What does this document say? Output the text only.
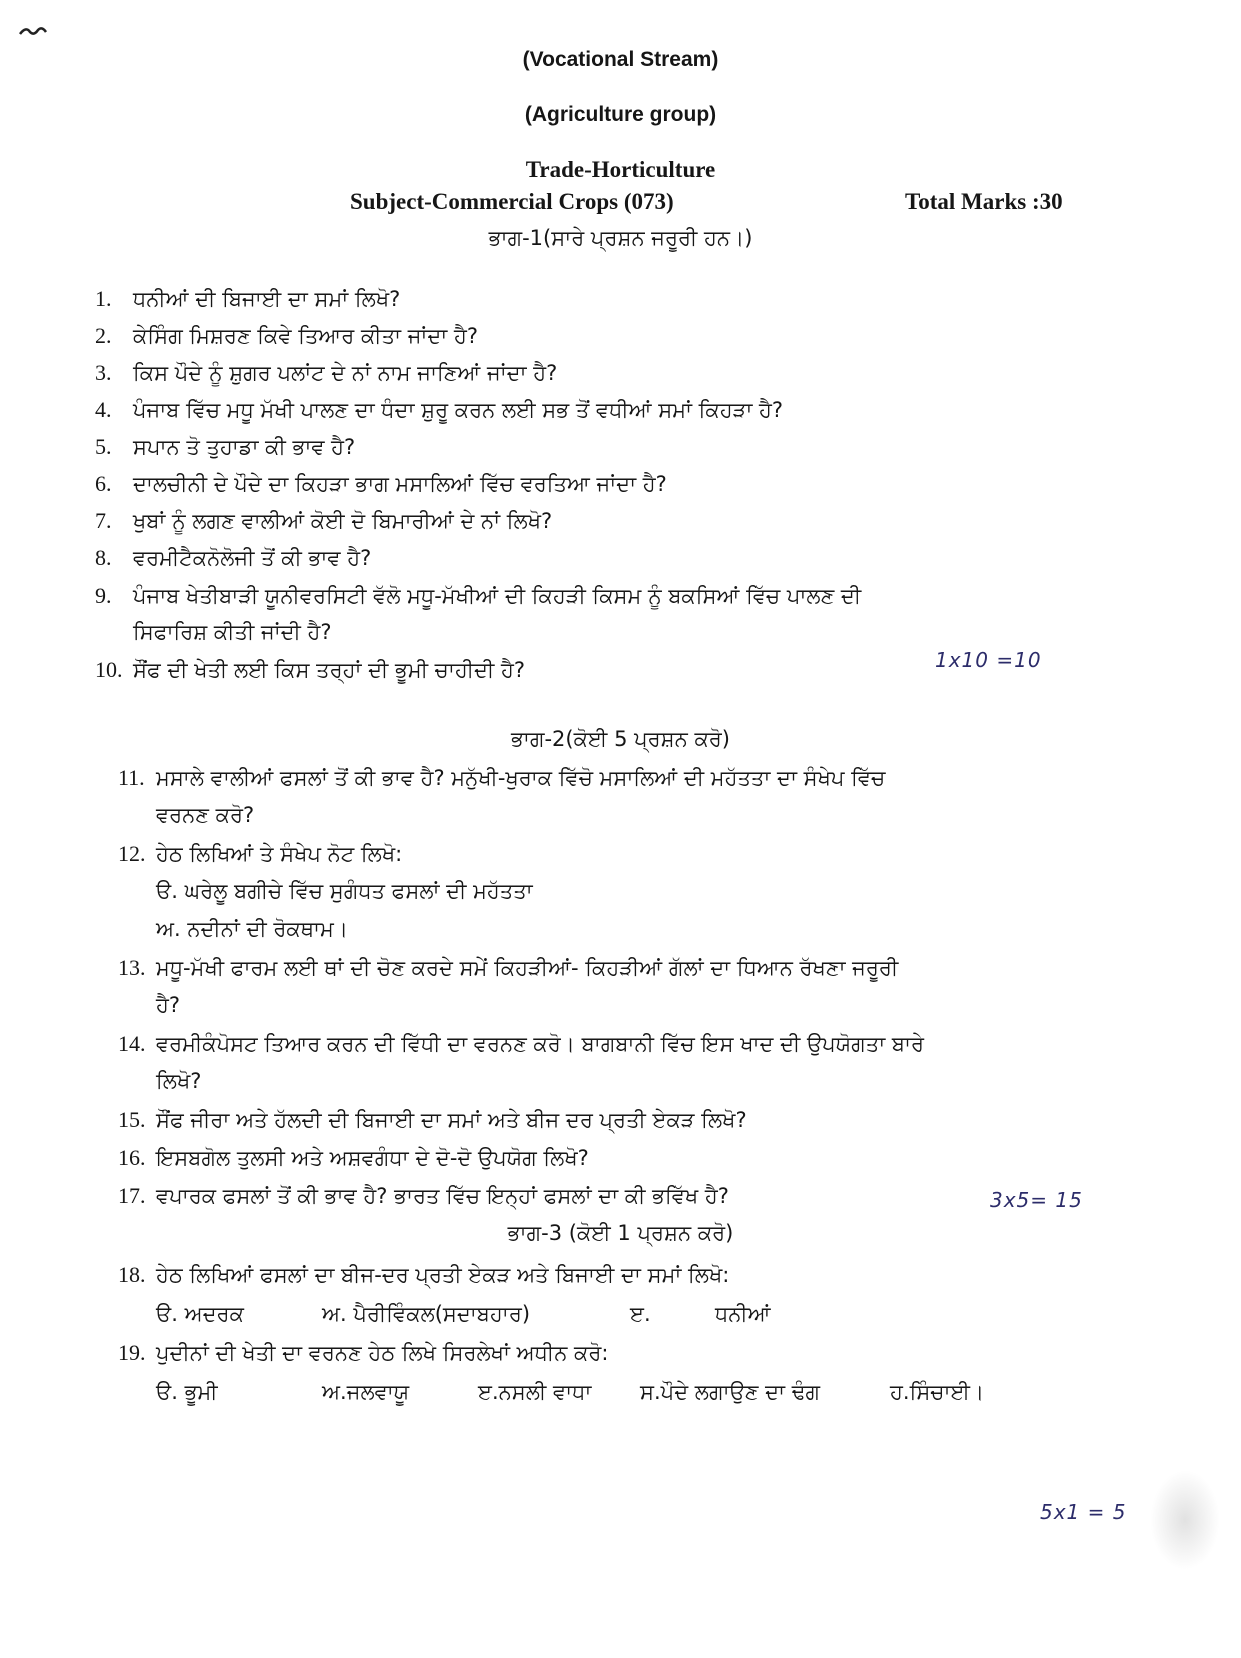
(Vocational Stream)
(Agriculture group)
Trade-Horticulture
Subject-Commercial Crops (073)	Total Marks :30
ਭਾਗ-1(ਸਾਰੇ ਪ੍ਰਸ਼ਨ ਜਰੂਰੀ ਹਨ।)
1. ਧਨੀਆਂ ਦੀ ਬਿਜਾਈ ਦਾ ਸਮਾਂ ਲਿਖੋ?
2. ਕੇਸਿੰਗ ਮਿਸ਼ਰਣ ਕਿਵੇ ਤਿਆਰ ਕੀਤਾ ਜਾਂਦਾ ਹੈ?
3. ਕਿਸ ਪੌਦੇ ਨੂੰ ਸ਼ੁਗਰ ਪਲਾਂਟ ਦੇ ਨਾਂ ਨਾਮ ਜਾਣਿਆਂ ਜਾਂਦਾ ਹੈ?
4. ਪੰਜਾਬ ਵਿੱਚ ਮਧੂ ਮੱਖੀ ਪਾਲਣ ਦਾ ਧੰਦਾ ਸ਼ੁਰੂ ਕਰਨ ਲਈ ਸਭ ਤੋਂ ਵਧੀਆਂ ਸਮਾਂ ਕਿਹੜਾ ਹੈ?
5. ਸਪਾਨ ਤੋ ਤੁਹਾਡਾ ਕੀ ਭਾਵ ਹੈ?
6. ਦਾਲਚੀਨੀ ਦੇ ਪੌਦੇ ਦਾ ਕਿਹੜਾ ਭਾਗ ਮਸਾਲਿਆਂ ਵਿੱਚ ਵਰਤਿਆ ਜਾਂਦਾ ਹੈ?
7. ਖੁਬਾਂ ਨੂੰ ਲਗਣ ਵਾਲੀਆਂ ਕੋਈ ਦੋ ਬਿਮਾਰੀਆਂ ਦੇ ਨਾਂ ਲਿਖੋ?
8. ਵਰਮੀਟੈਕਨੋਲੋਜੀ ਤੋਂ ਕੀ ਭਾਵ ਹੈ?
9. ਪੰਜਾਬ ਖੇਤੀਬਾੜੀ ਯੂਨੀਵਰਸਿਟੀ ਵੱਲੋ ਮਧੂ-ਮੱਖੀਆਂ ਦੀ ਕਿਹੜੀ ਕਿਸਮ ਨੂੰ ਬਕਸਿਆਂ ਵਿੱਚ ਪਾਲਣ ਦੀ
ਸਿਫਾਰਿਸ਼ ਕੀਤੀ ਜਾਂਦੀ ਹੈ?
10. ਸੌਂਫ ਦੀ ਖੇਤੀ ਲਈ ਕਿਸ ਤਰ੍ਹਾਂ ਦੀ ਭੂਮੀ ਚਾਹੀਦੀ ਹੈ?	1x10 =10
ਭਾਗ-2(ਕੋਈ 5 ਪ੍ਰਸ਼ਨ ਕਰੋ)
11. ਮਸਾਲੇ ਵਾਲੀਆਂ ਫਸਲਾਂ ਤੋਂ ਕੀ ਭਾਵ ਹੈ? ਮਨੁੱਖੀ-ਖੁਰਾਕ ਵਿੱਚੋ ਮਸਾਲਿਆਂ ਦੀ ਮਹੱਤਤਾ ਦਾ ਸੰਖੇਪ ਵਿੱਚ
ਵਰਨਣ ਕਰੋ?
12. ਹੇਠ ਲਿਖਿਆਂ ਤੇ ਸੰਖੇਪ ਨੋਟ ਲਿਖੋ:
ੳ. ਘਰੇਲੂ ਬਗੀਚੇ ਵਿੱਚ ਸੁਗੰਧਤ ਫਸਲਾਂ ਦੀ ਮਹੱਤਤਾ
ਅ. ਨਦੀਨਾਂ ਦੀ ਰੋਕਥਾਮ।
13. ਮਧੂ-ਮੱਖੀ ਫਾਰਮ ਲਈ ਥਾਂ ਦੀ ਚੋਣ ਕਰਦੇ ਸਮੇਂ ਕਿਹੜੀਆਂ- ਕਿਹੜੀਆਂ ਗੱਲਾਂ ਦਾ ਧਿਆਨ ਰੱਖਣਾ ਜਰੂਰੀ
ਹੈ?
14. ਵਰਮੀਕੰਪੋਸਟ ਤਿਆਰ ਕਰਨ ਦੀ ਵਿੱਧੀ ਦਾ ਵਰਨਣ ਕਰੋ। ਬਾਗਬਾਨੀ ਵਿੱਚ ਇਸ ਖਾਦ ਦੀ ਉਪਯੋਗਤਾ ਬਾਰੇ
ਲਿਖੋ?
15. ਸੌਂਫ ਜੀਰਾ ਅਤੇ ਹੱਲਦੀ ਦੀ ਬਿਜਾਈ ਦਾ ਸਮਾਂ ਅਤੇ ਬੀਜ ਦਰ ਪ੍ਰਤੀ ਏਕੜ ਲਿਖੋ?
16. ਇਸਬਗੋਲ ਤੁਲਸੀ ਅਤੇ ਅਸ਼ਵਗੰਧਾ ਦੇ ਦੋ-ਦੋ ਉਪਯੋਗ ਲਿਖੋ?
17. ਵਪਾਰਕ ਫਸਲਾਂ ਤੋਂ ਕੀ ਭਾਵ ਹੈ? ਭਾਰਤ ਵਿੱਚ ਇਨ੍ਹਾਂ ਫਸਲਾਂ ਦਾ ਕੀ ਭਵਿੱਖ ਹੈ?	3x5= 15
ਭਾਗ-3 (ਕੋਈ 1 ਪ੍ਰਸ਼ਨ ਕਰੋ)
18. ਹੇਠ ਲਿਖਿਆਂ ਫਸਲਾਂ ਦਾ ਬੀਜ-ਦਰ ਪ੍ਰਤੀ ਏਕੜ ਅਤੇ ਬਿਜਾਈ ਦਾ ਸਮਾਂ ਲਿਖੋ:
ੳ. ਅਦਰਕ	ਅ. ਪੈਰੀਵਿੰਕਲ(ਸਦਾਬਹਾਰ)	ੲ.	ਧਨੀਆਂ
19. ਪੁਦੀਨਾਂ ਦੀ ਖੇਤੀ ਦਾ ਵਰਨਣ ਹੇਠ ਲਿਖੇ ਸਿਰਲੇਖਾਂ ਅਧੀਨ ਕਰੋ:
ੳ. ਭੂਮੀ	ਅ.ਜਲਵਾਯੂ	ੲ.ਨਸਲੀ ਵਾਧਾ ਸ.ਪੌਦੇ ਲਗਾਉਣ ਦਾ ਢੰਗ	ਹ.ਸਿੰਚਾਈ।
5x1 = 5
